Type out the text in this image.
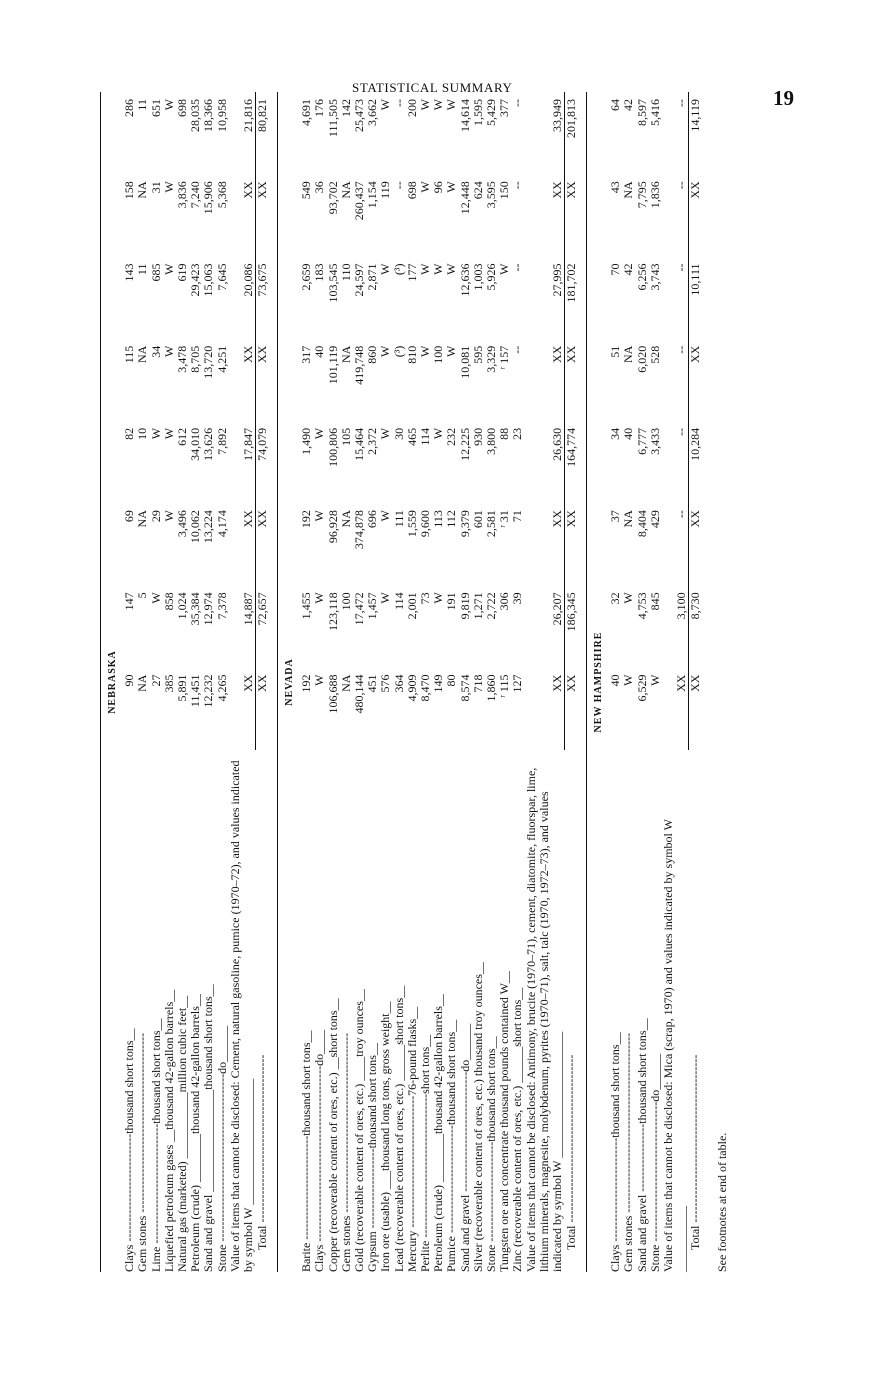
STATISTICAL SUMMARY	19

NEBRASKA								
Clays ---------------------------thousand short tons__	90	147	69	82	115	143	158	286
Gem stones ---------------------------------------------	NA	5	NA	10	NA	11	NA	11
Lime ------------------------------thousand short tons__	27	W	29	W	34	685	31	651
Liquefied petroleum gases __thousand 42-gallon barrels__	385	858	W	W	W	W	W	W
Natural gas (marketed) ___________million cubic feet__	5,891	1,024	3,496	612	3,478	619	3,836	698
Petroleum (crude) ________thousand 42-gallon barrels__	11,451	35,384	10,062	34,010	8,705	29,423	7,240	28,035
Sand and gravel _________________thousand short tons__	12,232	12,974	13,224	13,626	13,720	15,063	15,906	18,366
Stone ------------------------------------------do______	4,265	7,378	4,174	7,892	4,251	7,645	5,368	10,958
Value of items that cannot be disclosed: Cement, natural gasoline, pumice (1970–72), and values indicated by symbol W _____________________	XX	14,887	XX	17,847	XX	20,086	XX	21,816
Total ------------------------------------------	XX	72,657	XX	74,079	XX	73,675	XX	80,821

NEVADA								
Barite --------------------------thousand short tons__	192	1,455	192	1,490	317	2,659	549	4,691
Clays --------------------------------------------do____	W	W	W	W	40	183	36	176
Copper (recoverable content of ores, etc.) __short tons__	106,688	123,118	96,928	100,806	101,119	103,545	93,702	111,505
Gem stones ---------------------------------------------	NA	100	NA	105	NA	110	NA	142
Gold (recoverable content of ores, etc.) ____troy ounces__	480,144	17,472	374,878	15,464	419,748	24,597	260,437	25,473
Gypsum --------------------thousand short tons__	451	1,457	696	2,372	860	2,871	1,154	3,662
Iron ore (usable) ___thousand long tons, gross weight__	576	W	W	W	W	W	119	W
Lead (recoverable content of ores, etc.) ______short tons__	364	114	111	30	(³)	(³)	--	--
Mercury ---------------------------------76-pound flasks__	4,909	2,001	1,559	465	810	177	698	200
Perlite ------------------------------------short tons__	8,470	73	9,600	114	W	W	W	W
Petroleum (crude) ________thousand 42-gallon barrels__	149	W	113	W	100	W	96	W
Pumice ---------------------------thousand short tons__	80	191	112	232	W	W	W	W
Sand and gravel ------------------------------do______	8,574	9,819	9,379	12,225	10,081	12,636	12,448	14,614
Silver (recoverable content of ores, etc.) thousand troy ounces__	718	1,271	601	930	595	1,003	624	1,595
Stone -------------------------thousand short tons__	1,860	2,722	2,581	3,800	3,329	5,926	3,595	5,429
Tungsten ore and concentrate thousand pounds contained W__	ʳ 115	306	ʳ 31	88	ʳ 157	W	150	377
Zinc (recoverable content of ores, etc.) ______short tons__	127	39	71	23	--	--	--	--
Value of items that cannot be disclosed: Antimony, brucite (1970–71), cement, diatomite, fluorspar, lime, lithium minerals, magnesite, molybdenum, pyrites (1970–71), salt, talc (1970, 1972–73), and values indicated by symbol W _____________________	XX	26,207	XX	26,630	XX	27,995	XX	33,949
Total ------------------------------------------	XX	186,345	XX	164,774	XX	181,702	XX	201,813

NEW HAMPSHIRE								
Clays --------------------------thousand short tons__	40	32	37	34	51	70	43	64
Gem stones ---------------------------------------------	W	W	NA	40	NA	42	NA	42
Sand and gravel -----------------thousand short tons__	6,529	4,753	8,404	6,777	6,020	6,256	7,795	8,597
Stone -----------------------------------do______	W	845	429	3,433	528	3,743	1,836	5,416
Value of items that cannot be disclosed: Mica (scrap, 1970) and values indicated by symbol W ___________	XX	3,100	--	--	--	--	--	--
Total ------------------------------------------	XX	8,730	XX	10,284	XX	10,111	XX	14,119

See footnotes at end of table.
